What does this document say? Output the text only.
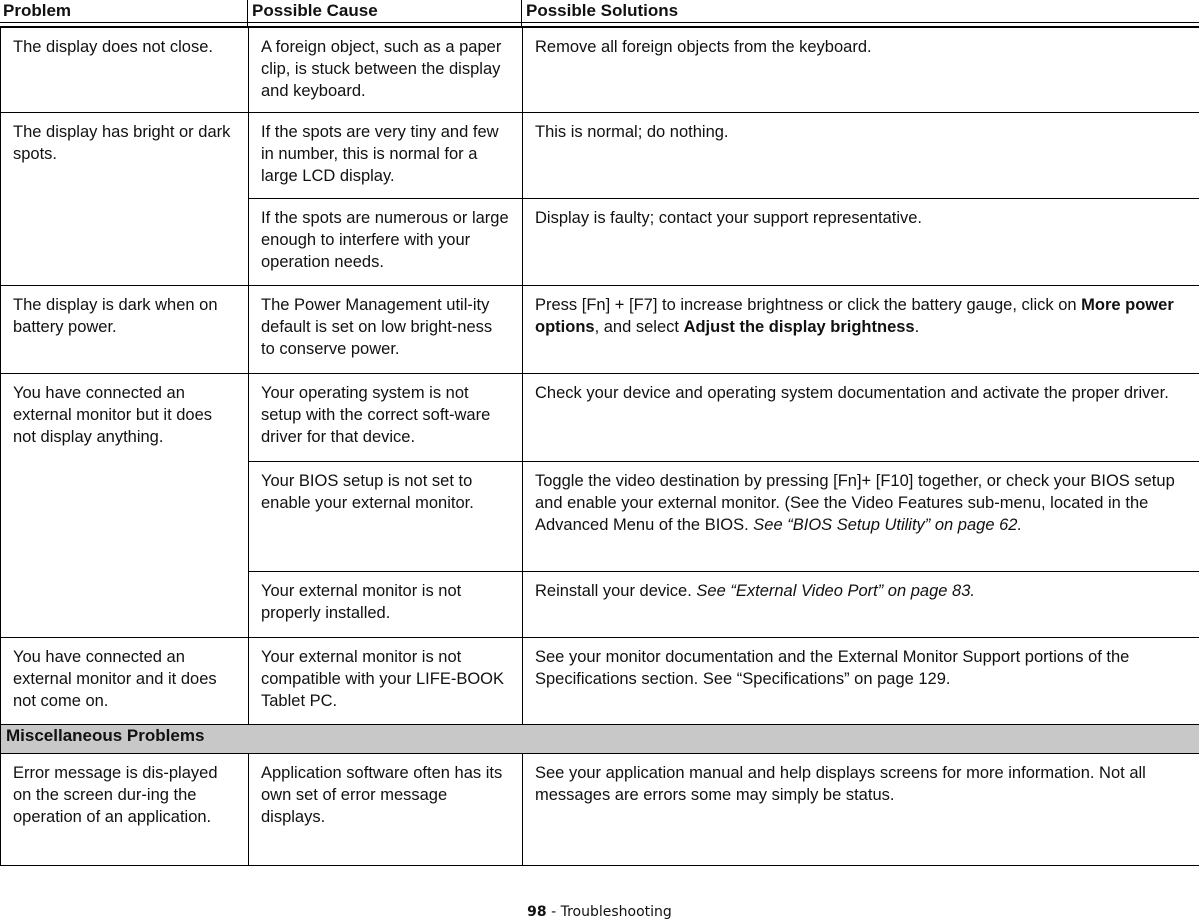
Problem	Possible Cause	Possible Solutions
The display does not close.	A foreign object, such as a paper clip, is stuck between the display and keyboard.	Remove all foreign objects from the keyboard.
The display has bright or dark spots.	If the spots are very tiny and few in number, this is normal for a large LCD display.	This is normal; do nothing.
	If the spots are numerous or large enough to interfere with your operation needs.	Display is faulty; contact your support representative.
The display is dark when on battery power.	The Power Management util-ity default is set on low bright-ness to conserve power.	Press [Fn] + [F7] to increase brightness or click the battery gauge, click on More power options, and select Adjust the display brightness.
You have connected an external monitor but it does not display anything.	Your operating system is not setup with the correct soft-ware driver for that device.	Check your device and operating system documentation and activate the proper driver.
	Your BIOS setup is not set to enable your external monitor.	Toggle the video destination by pressing [Fn]+ [F10] together, or check your BIOS setup and enable your external monitor. (See the Video Features sub-menu, located in the Advanced Menu of the BIOS. See “BIOS Setup Utility” on page 62.
	Your external monitor is not properly installed.	Reinstall your device. See “External Video Port” on page 83.
You have connected an external monitor and it does not come on.	Your external monitor is not compatible with your LIFE-BOOK Tablet PC.	See your monitor documentation and the External Monitor Support portions of the Specifications section. See “Specifications” on page 129.
Miscellaneous Problems		
Error message is dis-played on the screen dur-ing the operation of an application.	Application software often has its own set of error message displays.	See your application manual and help displays screens for more information. Not all messages are errors some may simply be status.
98 - Troubleshooting
